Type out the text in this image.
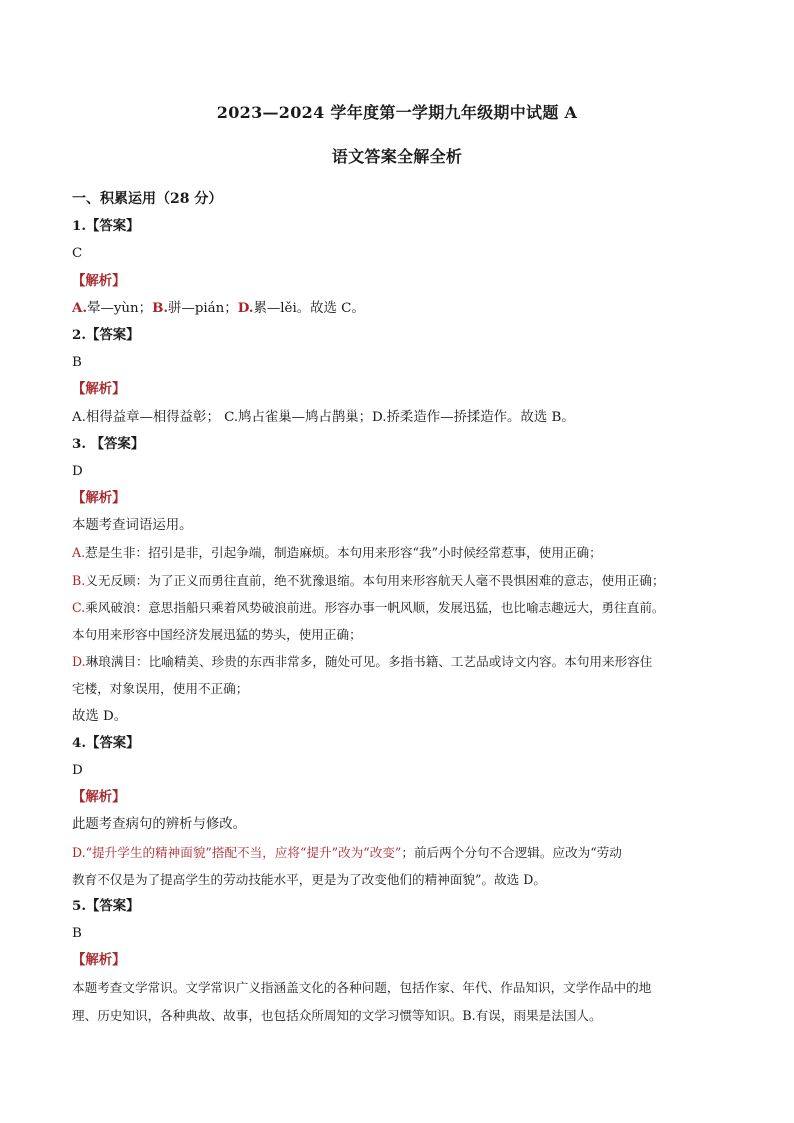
2023—2024 学年度第一学期九年级期中试题 A
语文答案全解全析
一、积累运用（28 分）
1.【答案】
C
【解析】
A.晕—yùn；B.骈—pián；D.累—lěi。故选 C。
2.【答案】
B
【解析】
A.相得益章—相得益彰； C.鸠占雀巢—鸠占鹊巢；D.挢柔造作—挢揉造作。故选 B。
3. 【答案】
D
【解析】
本题考查词语运用。
A.惹是生非：招引是非，引起争端，制造麻烦。本句用来形容“我”小时候经常惹事，使用正确；
B.义无反顾：为了正义而勇往直前，绝不犹豫退缩。本句用来形容航天人毫不畏惧困难的意志，使用正确；
C.乘风破浪：意思指船只乘着风势破浪前进。形容办事一帆风顺，发展迅猛，也比喻志趣远大，勇往直前。
本句用来形容中国经济发展迅猛的势头，使用正确；
D.琳琅满目：比喻精美、珍贵的东西非常多，随处可见。多指书籍、工艺品或诗文内容。本句用来形容住
宅楼，对象误用，使用不正确；
故选 D。
4.【答案】
D
【解析】
此题考查病句的辨析与修改。
D.“提升学生的精神面貌”搭配不当，应将“提升”改为“改变”；前后两个分句不合逻辑。应改为“劳动
教育不仅是为了提高学生的劳动技能水平，更是为了改变他们的精神面貌”。故选 D。
5.【答案】
B
【解析】
本题考查文学常识。文学常识广义指涵盖文化的各种问题，包括作家、年代、作品知识，文学作品中的地
理、历史知识，各种典故、故事，也包括众所周知的文学习惯等知识。B.有误，雨果是法国人。
